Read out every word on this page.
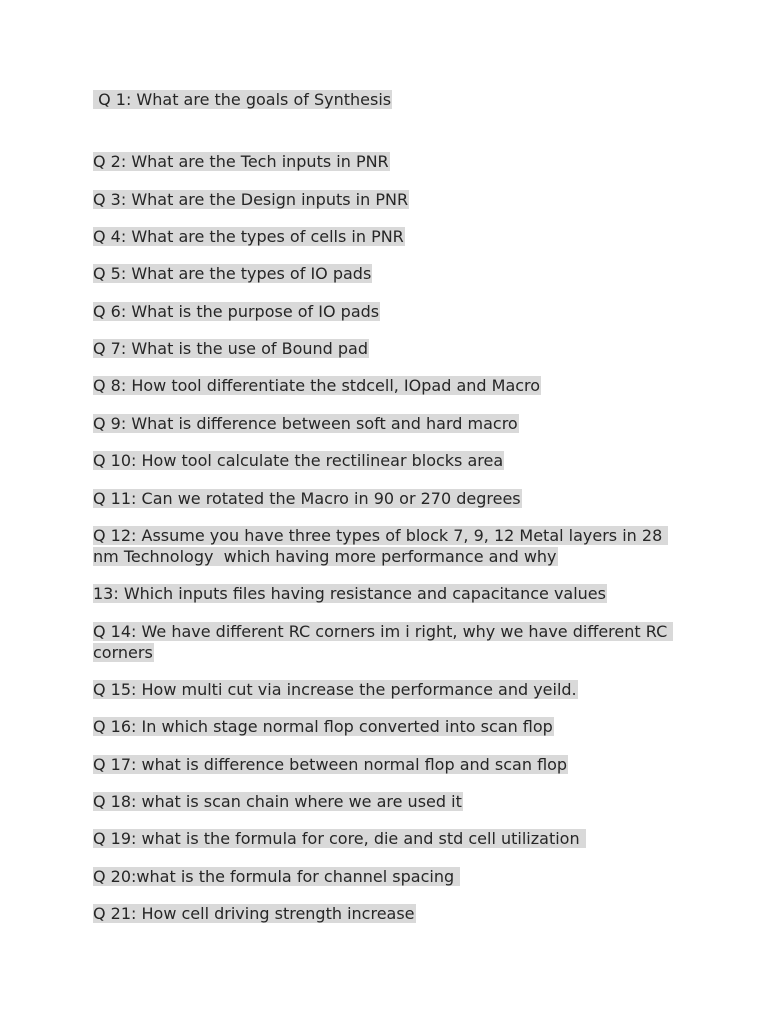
Q 1: What are the goals of Synthesis

Q 2: What are the Tech inputs in PNR

Q 3: What are the Design inputs in PNR

Q 4: What are the types of cells in PNR

Q 5: What are the types of IO pads

Q 6: What is the purpose of IO pads

Q 7: What is the use of Bound pad

Q 8: How tool differentiate the stdcell, IOpad and Macro

Q 9: What is difference between soft and hard macro

Q 10: How tool calculate the rectilinear blocks area

Q 11: Can we rotated the Macro in 90 or 270 degrees

Q 12: Assume you have three types of block 7, 9, 12 Metal layers in 28 nm Technology  which having more performance and why

13: Which inputs files having resistance and capacitance values

Q 14: We have different RC corners im i right, why we have different RC corners

Q 15: How multi cut via increase the performance and yeild.

Q 16: In which stage normal flop converted into scan flop

Q 17: what is difference between normal flop and scan flop

Q 18: what is scan chain where we are used it

Q 19: what is the formula for core, die and std cell utilization

Q 20:what is the formula for channel spacing

Q 21: How cell driving strength increase
